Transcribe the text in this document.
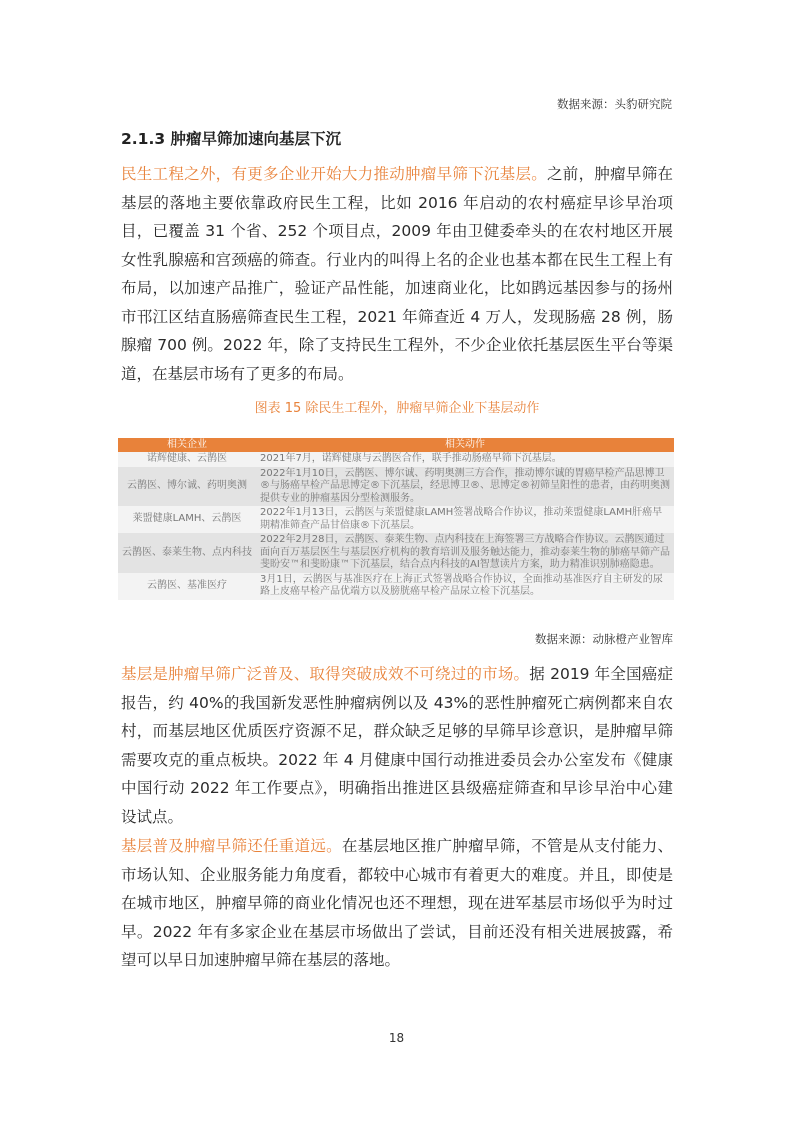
数据来源：头豹研究院
2.1.3 肿瘤早筛加速向基层下沉
民生工程之外，有更多企业开始大力推动肿瘤早筛下沉基层。之前，肿瘤早筛在基层的落地主要依靠政府民生工程，比如 2016 年启动的农村癌症早诊早治项目，已覆盖 31 个省、252 个项目点，2009 年由卫健委牵头的在农村地区开展女性乳腺癌和宫颈癌的筛查。行业内的叫得上名的企业也基本都在民生工程上有布局，以加速产品推广，验证产品性能，加速商业化，比如鹍远基因参与的扬州市邗江区结直肠癌筛查民生工程，2021 年筛查近 4 万人，发现肠癌 28 例，肠腺瘤 700 例。2022 年，除了支持民生工程外，不少企业依托基层医生平台等渠道，在基层市场有了更多的布局。
图表 15 除民生工程外，肿瘤早筛企业下基层动作
相关企业	相关动作
诺辉健康、云鹊医	2021年7月，诺辉健康与云鹊医合作，联手推动肠癌早筛下沉基层。
云鹊医、博尔诚、药明奥测	2022年1月10日，云鹊医、博尔诚、药明奥测三方合作，推动博尔诚的胃癌早检产品思博卫®与肠癌早检产品思博定®下沉基层，经思博卫®、思博定®初筛呈阳性的患者，由药明奥测提供专业的肿瘤基因分型检测服务。
莱盟健康LAMH、云鹊医	2022年1月13日，云鹊医与莱盟健康LAMH签署战略合作协议，推动莱盟健康LAMH肝癌早期精准筛查产品甘倍康®下沉基层。
云鹊医、泰莱生物、点内科技	2022年2月28日，云鹊医、泰莱生物、点内科技在上海签署三方战略合作协议。云鹊医通过面向百万基层医生与基层医疗机构的教育培训及服务触达能力，推动泰莱生物的肺癌早筛产品斐盼安™和斐盼康™下沉基层，结合点内科技的AI智慧读片方案，助力精准识别肺癌隐患。
云鹊医、基准医疗	3月1日，云鹊医与基准医疗在上海正式签署战略合作协议，全面推动基准医疗自主研发的尿路上皮癌早检产品优端方以及膀胱癌早检产品尿立检下沉基层。
数据来源：动脉橙产业智库
基层是肿瘤早筛广泛普及、取得突破成效不可绕过的市场。据 2019 年全国癌症报告，约 40%的我国新发恶性肿瘤病例以及 43%的恶性肿瘤死亡病例都来自农村，而基层地区优质医疗资源不足，群众缺乏足够的早筛早诊意识，是肿瘤早筛需要攻克的重点板块。2022 年 4 月健康中国行动推进委员会办公室发布《健康中国行动 2022 年工作要点》，明确指出推进区县级癌症筛查和早诊早治中心建设试点。
基层普及肿瘤早筛还任重道远。在基层地区推广肿瘤早筛，不管是从支付能力、市场认知、企业服务能力角度看，都较中心城市有着更大的难度。并且，即使是在城市地区，肿瘤早筛的商业化情况也还不理想，现在进军基层市场似乎为时过早。2022 年有多家企业在基层市场做出了尝试，目前还没有相关进展披露，希望可以早日加速肿瘤早筛在基层的落地。
18
